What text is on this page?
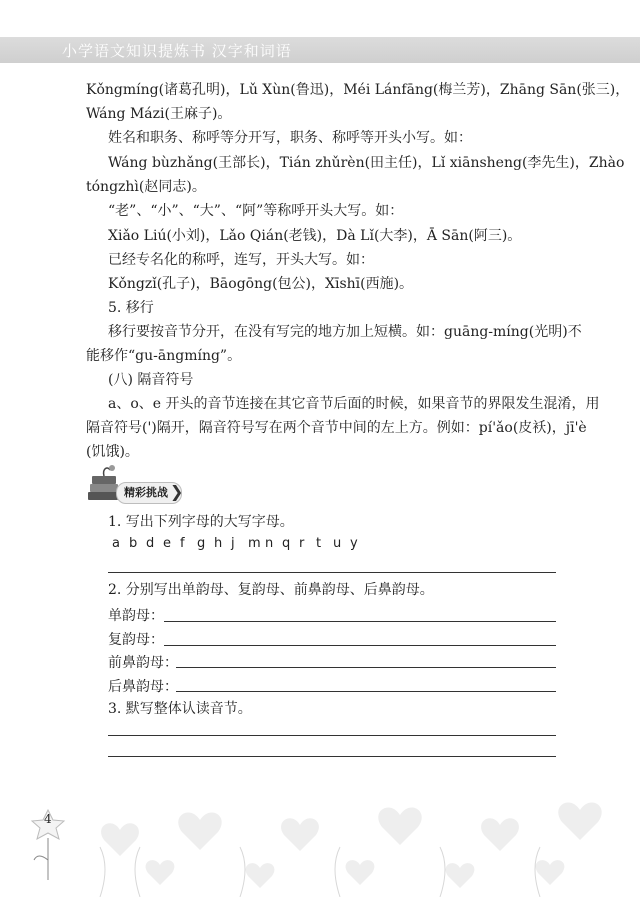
小学语文知识提炼书 汉字和词语
Kǒngmíng(诸葛孔明)，Lǔ Xùn(鲁迅)，Méi Lánfāng(梅兰芳)，Zhāng Sān(张三)，
Wáng Mázi(王麻子)。
姓名和职务、称呼等分开写，职务、称呼等开头小写。如：
Wáng bùzhǎng(王部长)，Tián zhǔrèn(田主任)，Lǐ xiānsheng(李先生)，Zhào
tóngzhì(赵同志)。
“老”、“小”、“大”、“阿”等称呼开头大写。如：
Xiǎo Liú(小刘)，Lǎo Qián(老钱)，Dà Lǐ(大李)，Ā Sān(阿三)。
已经专名化的称呼，连写，开头大写。如：
Kǒngzǐ(孔子)，Bāogōng(包公)，Xīshī(西施)。
5. 移行
移行要按音节分开，在没有写完的地方加上短横。如：guāng-míng(光明)不
能移作“gu-āngmíng”。
(八) 隔音符号
a、o、e 开头的音节连接在其它音节后面的时候，如果音节的界限发生混淆，用
隔音符号(')隔开，隔音符号写在两个音节中间的左上方。例如：pí'ǎo(皮袄)，jī'è
(饥饿)。
精彩挑战 ❯
1. 写出下列字母的大写字母。
a b d e f g h j m n q r t u y
2. 分别写出单韵母、复韵母、前鼻韵母、后鼻韵母。
单韵母：
复韵母：
前鼻韵母：
后鼻韵母：
3. 默写整体认读音节。
4
